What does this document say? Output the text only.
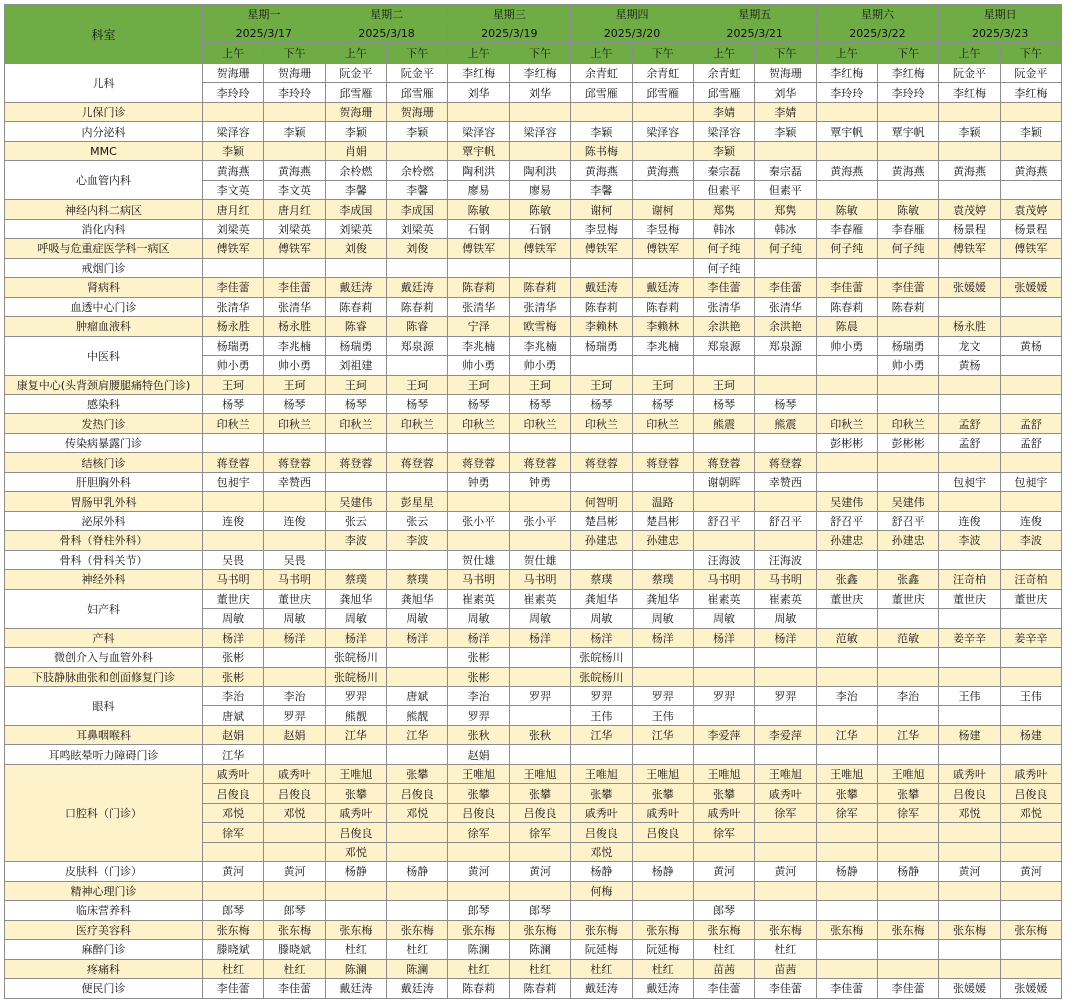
科室	星期一		星期二		星期三		星期四		星期五		星期六		星期日	
	2025/3/17		2025/3/18		2025/3/19		2025/3/20		2025/3/21		2025/3/22		2025/3/23	
	上午	下午	上午	下午	上午	下午	上午	下午	上午	下午	上午	下午	上午	下午
儿科	贺海珊	贺海珊	阮金平	阮金平	李红梅	李红梅	余青虹	余青虹	余青虹	贺海珊	李红梅	李红梅	阮金平	阮金平
	李玲玲	李玲玲	邱雪雁	邱雪雁	刘华	刘华	邱雪雁	邱雪雁	邱雪雁	刘华	李玲玲	李玲玲	李红梅	李红梅
儿保门诊			贺海珊	贺海珊					李婧	李婧				
内分泌科	梁泽容	李颖	李颖	李颖	梁泽容	梁泽容	李颖	梁泽容	梁泽容	李颖	覃宇帆	覃宇帆	李颖	李颖
MMC	李颖		肖娟		覃宇帆		陈书梅		李颖					
心血管内科	黄海燕	黄海燕	余柃燃	余柃燃	陶利洪	陶利洪	黄海燕	黄海燕	秦宗磊	秦宗磊	黄海燕	黄海燕	黄海燕	黄海燕
	李文英	李文英	李馨	李馨	廖易	廖易	李馨		但素平	但素平				
神经内科二病区	唐月红	唐月红	李成国	李成国	陈敏	陈敏	谢柯	谢柯	郑隽	郑隽	陈敏	陈敏	袁茂婷	袁茂婷
消化内科	刘梁英	刘梁英	刘梁英	刘梁英	石钢	石钢	李昱梅	李昱梅	韩冰	韩冰	李春雁	李春雁	杨景程	杨景程
呼吸与危重症医学科一病区	傅铁军	傅铁军	刘俊	刘俊	傅铁军	傅铁军	傅铁军	傅铁军	何子纯	何子纯	何子纯	何子纯	傅铁军	傅铁军
戒烟门诊									何子纯					
肾病科	李佳蕾	李佳蕾	戴廷涛	戴廷涛	陈春莉	陈春莉	戴廷涛	戴廷涛	李佳蕾	李佳蕾	李佳蕾	李佳蕾	张媛媛	张媛媛
血透中心门诊	张清华	张清华	陈春莉	陈春莉	张清华	张清华	陈春莉	陈春莉	张清华	张清华	陈春莉	陈春莉		
肿瘤血液科	杨永胜	杨永胜	陈睿	陈睿	宁泽	欧雪梅	李赖林	李赖林	余洪艳	余洪艳	陈晨		杨永胜	
中医科	杨瑞勇	李兆楠	杨瑞勇	郑泉源	李兆楠	李兆楠	杨瑞勇	李兆楠	郑泉源	郑泉源	帅小勇	杨瑞勇	龙文	黄杨
	帅小勇	帅小勇	刘祖建		帅小勇	帅小勇						帅小勇	黄杨	
康复中心(头背颈肩腰腿痛特色门诊)	王珂	王珂	王珂	王珂	王珂	王珂	王珂	王珂	王珂					
感染科	杨琴	杨琴	杨琴	杨琴	杨琴	杨琴	杨琴	杨琴	杨琴	杨琴				
发热门诊	印秋兰	印秋兰	印秋兰	印秋兰	印秋兰	印秋兰	印秋兰	印秋兰	熊震	熊震	印秋兰	印秋兰	孟舒	孟舒
传染病暴露门诊											彭彬彬	彭彬彬	孟舒	孟舒
结核门诊	蒋登蓉	蒋登蓉	蒋登蓉	蒋登蓉	蒋登蓉	蒋登蓉	蒋登蓉	蒋登蓉	蒋登蓉	蒋登蓉				
肝胆胸外科	包昶宇	幸赞西			钟勇	钟勇			谢朝晖	幸赞西			包昶宇	包昶宇
胃肠甲乳外科			吴建伟	彭星星			何智明	温路			吴建伟	吴建伟		
泌尿外科	连俊	连俊	张云	张云	张小平	张小平	楚昌彬	楚昌彬	舒召平	舒召平	舒召平	舒召平	连俊	连俊
骨科（脊柱外科）			李波	李波			孙建忠	孙建忠			孙建忠	孙建忠	李波	李波
骨科（骨科关节）	吴畏	吴畏			贺仕雄	贺仕雄			汪海波	汪海波				
神经外科	马书明	马书明	蔡璞	蔡璞	马书明	马书明	蔡璞	蔡璞	马书明	马书明	张鑫	张鑫	汪奇柏	汪奇柏
妇产科	董世庆	董世庆	龚旭华	龚旭华	崔素英	崔素英	龚旭华	龚旭华	崔素英	崔素英	董世庆	董世庆	董世庆	董世庆
	周敏	周敏	周敏	周敏	周敏	周敏	周敏	周敏	周敏	周敏				
产科	杨洋	杨洋	杨洋	杨洋	杨洋	杨洋	杨洋	杨洋	杨洋	杨洋	范敏	范敏	姜辛辛	姜辛辛
微创介入与血管外科	张彬		张皖杨川		张彬		张皖杨川							
下肢静脉曲张和创面修复门诊	张彬		张皖杨川		张彬		张皖杨川							
眼科	李治	李治	罗羿	唐斌	李治	罗羿	罗羿	罗羿	罗羿	罗羿	李治	李治	王伟	王伟
	唐斌	罗羿	熊靓	熊靓	罗羿		王伟	王伟						
耳鼻咽喉科	赵娟	赵娟	江华	江华	张秋	张秋	江华	江华	李爱萍	李爱萍	江华	江华	杨建	杨建
耳鸣眩晕听力障碍门诊	江华				赵娟									
口腔科（门诊）	戚秀叶	戚秀叶	王唯旭	张攀	王唯旭	王唯旭	王唯旭	王唯旭	王唯旭	王唯旭	王唯旭	王唯旭	戚秀叶	戚秀叶
	吕俊良	吕俊良	张攀	吕俊良	张攀	张攀	张攀	张攀	张攀	戚秀叶	张攀	张攀	吕俊良	吕俊良
	邓悦	邓悦	戚秀叶	邓悦	吕俊良	吕俊良	戚秀叶	戚秀叶	戚秀叶	徐军	徐军	徐军	邓悦	邓悦
	徐军		吕俊良		徐军	徐军	吕俊良	吕俊良	徐军					
			邓悦				邓悦							
皮肤科（门诊）	黄河	黄河	杨静	杨静	黄河	黄河	杨静	杨静	黄河	黄河	杨静	杨静	黄河	黄河
精神心理门诊							何梅							
临床营养科	郎琴	郎琴			郎琴	郎琴			郎琴					
医疗美容科	张东梅	张东梅	张东梅	张东梅	张东梅	张东梅	张东梅	张东梅	张东梅	张东梅	张东梅	张东梅	张东梅	张东梅
麻醉门诊	滕晓斌	滕晓斌	杜红	杜红	陈澜	陈澜	阮延梅	阮延梅	杜红	杜红				
疼痛科	杜红	杜红	陈澜	陈澜	杜红	杜红	杜红	杜红	苗茜	苗茜				
便民门诊	李佳蕾	李佳蕾	戴廷涛	戴廷涛	陈春莉	陈春莉	戴廷涛	戴廷涛	李佳蕾	李佳蕾	李佳蕾	李佳蕾	张媛媛	张媛媛
